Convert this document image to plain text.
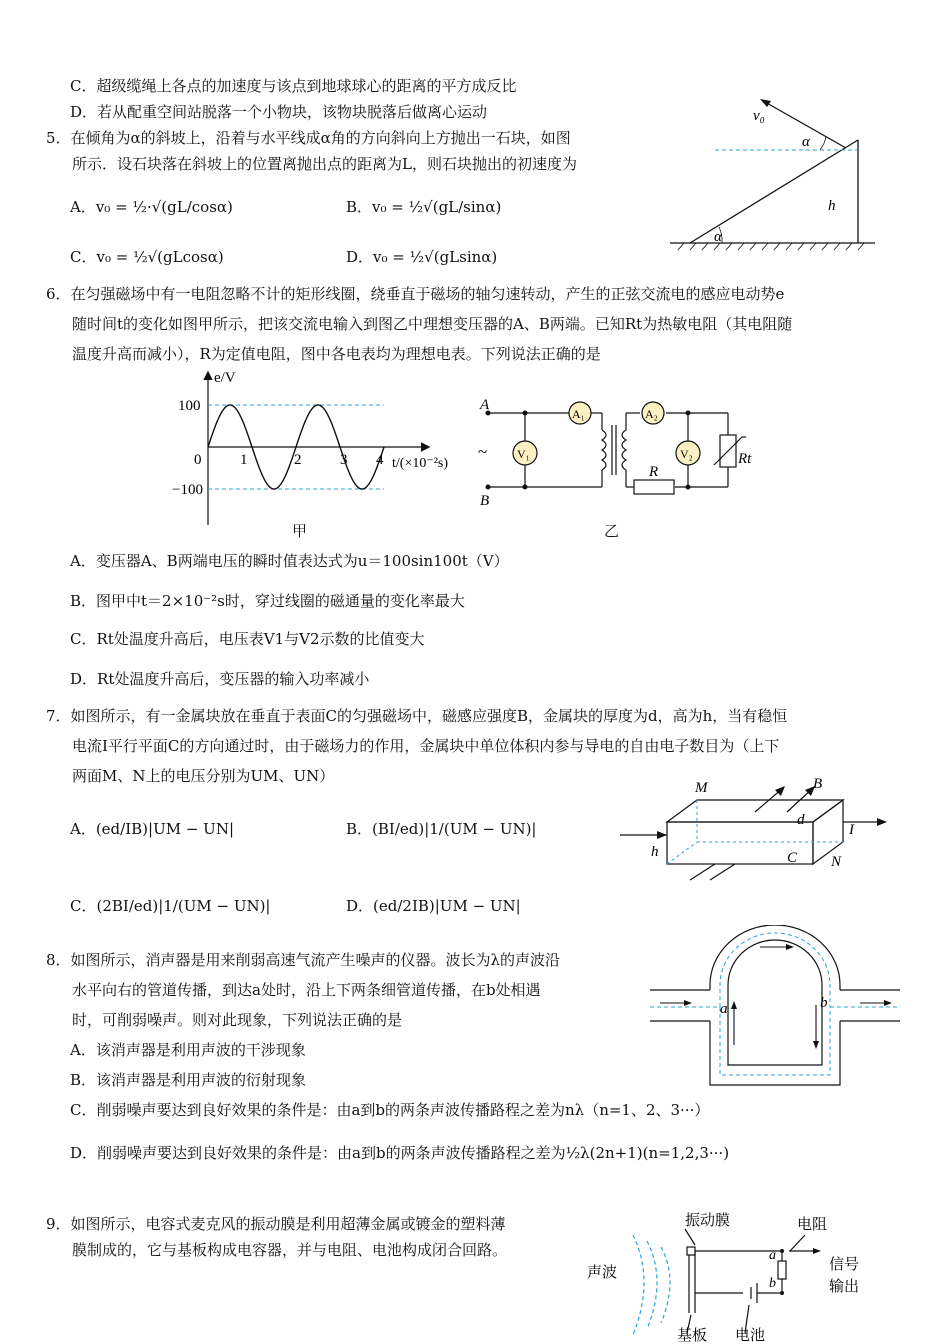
C．超级缆绳上各点的加速度与该点到地球球心的距离的平方成反比
D．若从配重空间站脱落一个小物块，该物块脱落后做离心运动
5．在倾角为α的斜坡上，沿着与水平线成α角的方向斜向上方抛出一石块，如图
所示．设石块落在斜坡上的位置离抛出点的距离为L，则石块抛出的初速度为
A．v₀ = ½·√(gL/cosα)	B．v₀ = ½√(gL/sinα)
C．v₀ = ½√(gLcosα)	D．v₀ = ½√(gLsinα)
v₀
α
h
α
6．在匀强磁场中有一电阻忽略不计的矩形线圈，绕垂直于磁场的轴匀速转动，产生的正弦交流电的感应电动势e
随时间t的变化如图甲所示，把该交流电输入到图乙中理想变压器的A、B两端。已知Rt为热敏电阻（其电阻随
温度升高而减小），R为定值电阻，图中各电表均为理想电表。下列说法正确的是
e/V
t/(×10⁻²s)
100
0
−100
1	2	3 4
甲
A₁	A₂
V₁	V₂
A
B
~
R
Rt
乙
A．变压器A、B两端电压的瞬时值表达式为u＝100sin100t（V）
B．图甲中t＝2×10⁻²s时，穿过线圈的磁通量的变化率最大
C．Rt处温度升高后，电压表V1与V2示数的比值变大
D．Rt处温度升高后，变压器的输入功率减小
7．如图所示，有一金属块放在垂直于表面C的匀强磁场中，磁感应强度B，金属块的厚度为d，高为h，当有稳恒
电流I平行平面C的方向通过时，由于磁场力的作用，金属块中单位体积内参与导电的自由电子数目为（上下
两面M、N上的电压分别为UM、UN）
A．(ed/IB)|UM − UN|	B．(BI/ed)|1/(UM − UN)|
C．(2BI/ed)|1/(UM − UN)|	D．(ed/2IB)|UM − UN|
M	B
d
I
h	C N
8．如图所示，消声器是用来削弱高速气流产生噪声的仪器。波长为λ的声波沿
水平向右的管道传播，到达a处时，沿上下两条细管道传播，在b处相遇
时，可削弱噪声。则对此现象，下列说法正确的是
A．该消声器是利用声波的干涉现象
B．该消声器是利用声波的衍射现象
C．削弱噪声要达到良好效果的条件是：由a到b的两条声波传播路程之差为nλ（n=1、2、3···）
D．削弱噪声要达到良好效果的条件是：由a到b的两条声波传播路程之差为½λ(2n+1)(n=1,2,3···)
a	b
9．如图所示，电容式麦克风的振动膜是利用超薄金属或镀金的塑料薄
膜制成的，它与基板构成电容器，并与电阻、电池构成闭合回路。
振动膜	电阻
声波	信号
输出
基板 电池
a
b
